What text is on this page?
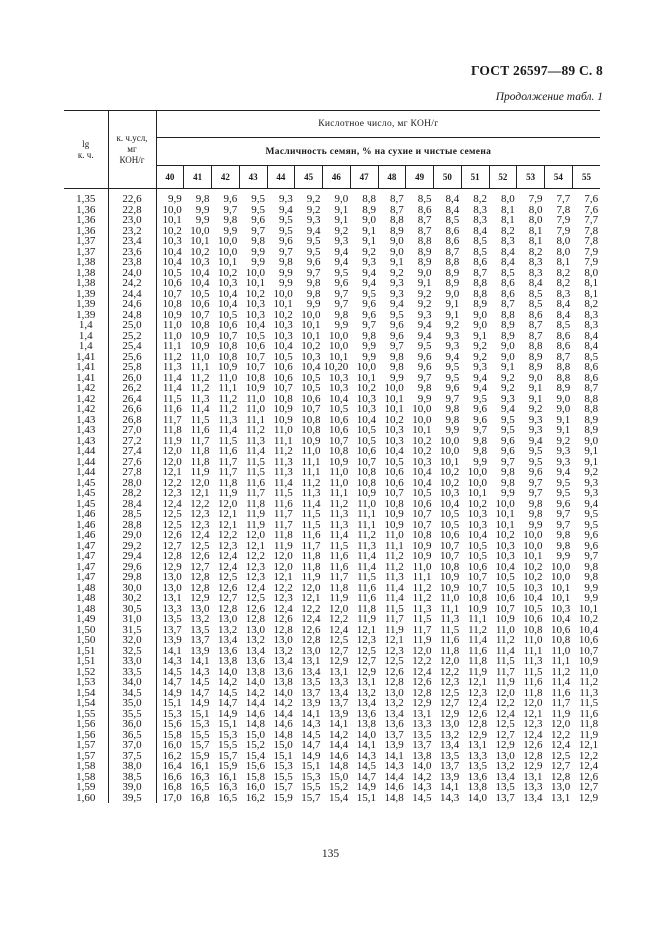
ГОСТ 26597—89 С. 8
Продолжение табл. 1
lg
к. ч.	к. ч.усл,
мг
КОН/г	Кислотное число, мг КОН/г															
		Масличность семян, % на сухие и чистые семена															
		40	41	42	43	44	45	46	47	48	49	50	51	52	53	54	55
1,35	22,6	9,9	9,8	9,6	9,5	9,3	9,2	9,0	8,8	8,7	8,5	8,4	8,2	8,0	7,9	7,7	7,6
1,36	22,8	10,0	9,9	9,7	9,5	9,4	9,2	9,1	8,9	8,7	8,6	8,4	8,3	8,1	8,0	7,8	7,6
1,36	23,0	10,1	9,9	9,8	9,6	9,5	9,3	9,1	9,0	8,8	8,7	8,5	8,3	8,1	8,0	7,9	7,7
1,36	23,2	10,2	10,0	9,9	9,7	9,5	9,4	9,2	9,1	8,9	8,7	8,6	8,4	8,2	8,1	7,9	7,8
1,37	23,4	10,3	10,1	10,0	9,8	9,6	9,5	9,3	9,1	9,0	8,8	8,6	8,5	8,3	8,1	8,0	7,8
1,37	23,6	10,4	10,2	10,0	9,9	9,7	9,5	9,4	9,2	9,0	8,9	8,7	8,5	8,4	8,2	8,0	7,9
1,38	23,8	10,4	10,3	10,1	9,9	9,8	9,6	9,4	9,3	9,1	8,9	8,8	8,6	8,4	8,3	8,1	7,9
1,38	24,0	10,5	10,4	10,2	10,0	9,9	9,7	9,5	9,4	9,2	9,0	8,9	8,7	8,5	8,3	8,2	8,0
1,38	24,2	10,6	10,4	10,3	10,1	9,9	9,8	9,6	9,4	9,3	9,1	8,9	8,8	8,6	8,4	8,2	8,1
1,39	24,4	10,7	10,5	10,4	10,2	10,0	9,8	9,7	9,5	9,3	9,2	9,0	8,8	8,6	8,5	8,3	8,1
1,39	24,6	10,8	10,6	10,4	10,3	10,1	9,9	9,7	9,6	9,4	9,2	9,1	8,9	8,7	8,5	8,4	8,2
1,39	24,8	10,9	10,7	10,5	10,3	10,2	10,0	9,8	9,6	9,5	9,3	9,1	9,0	8,8	8,6	8,4	8,3
1,4	25,0	11,0	10,8	10,6	10,4	10,3	10,1	9,9	9,7	9,6	9,4	9,2	9,0	8,9	8,7	8,5	8,3
1,4	25,2	11,0	10,9	10,7	10,5	10,3	10,1	10,0	9,8	9,6	9,4	9,3	9,1	8,9	8,7	8,6	8,4
1,4	25,4	11,1	10,9	10,8	10,6	10,4	10,2	10,0	9,9	9,7	9,5	9,3	9,2	9,0	8,8	8,6	8,4
1,41	25,6	11,2	11,0	10,8	10,7	10,5	10,3	10,1	9,9	9,8	9,6	9,4	9,2	9,0	8,9	8,7	8,5
1,41	25,8	11,3	11,1	10,9	10,7	10,6	10,4	10,20	10,0	9,8	9,6	9,5	9,3	9,1	8,9	8,8	8,6
1,41	26,0	11,4	11,2	11,0	10,8	10,6	10,5	10,3	10,1	9,9	9,7	9,5	9,4	9,2	9,0	8,8	8,6
1,42	26,2	11,4	11,2	11,1	10,9	10,7	10,5	10,3	10,2	10,0	9,8	9,6	9,4	9,2	9,1	8,9	8,7
1,42	26,4	11,5	11,3	11,2	11,0	10,8	10,6	10,4	10,3	10,1	9,9	9,7	9,5	9,3	9,1	9,0	8,8
1,42	26,6	11,6	11,4	11,2	11,0	10,9	10,7	10,5	10,3	10,1	10,0	9,8	9,6	9,4	9,2	9,0	8,8
1,43	26,8	11,7	11,5	11,3	11,1	10,9	10,8	10,6	10,4	10,2	10,0	9,8	9,6	9,5	9,3	9,1	8,9
1,43	27,0	11,8	11,6	11,4	11,2	11,0	10,8	10,6	10,5	10,3	10,1	9,9	9,7	9,5	9,3	9,1	8,9
1,43	27,2	11,9	11,7	11,5	11,3	11,1	10,9	10,7	10,5	10,3	10,2	10,0	9,8	9,6	9,4	9,2	9,0
1,44	27,4	12,0	11,8	11,6	11,4	11,2	11,0	10,8	10,6	10,4	10,2	10,0	9,8	9,6	9,5	9,3	9,1
1,44	27,6	12,0	11,8	11,7	11,5	11,3	11,1	10,9	10,7	10,5	10,3	10,1	9,9	9,7	9,5	9,3	9,1
1,44	27,8	12,1	11,9	11,7	11,5	11,3	11,1	11,0	10,8	10,6	10,4	10,2	10,0	9,8	9,6	9,4	9,2
1,45	28,0	12,2	12,0	11,8	11,6	11,4	11,2	11,0	10,8	10,6	10,4	10,2	10,0	9,8	9,7	9,5	9,3
1,45	28,2	12,3	12,1	11,9	11,7	11,5	11,3	11,1	10,9	10,7	10,5	10,3	10,1	9,9	9,7	9,5	9,3
1,45	28,4	12,4	12,2	12,0	11,8	11,6	11,4	11,2	11,0	10,8	10,6	10,4	10,2	10,0	9,8	9,6	9,4
1,46	28,5	12,5	12,3	12,1	11,9	11,7	11,5	11,3	11,1	10,9	10,7	10,5	10,3	10,1	9,8	9,7	9,5
1,46	28,8	12,5	12,3	12,1	11,9	11,7	11,5	11,3	11,1	10,9	10,7	10,5	10,3	10,1	9,9	9,7	9,5
1,46	29,0	12,6	12,4	12,2	12,0	11,8	11,6	11,4	11,2	11,0	10,8	10,6	10,4	10,2	10,0	9,8	9,6
1,47	29,2	12,7	12,5	12,3	12,1	11,9	11,7	11,5	11,3	11,1	10,9	10,7	10,5	10,3	10,0	9,8	9,6
1,47	29,4	12,8	12,6	12,4	12,2	12,0	11,8	11,6	11,4	11,2	10,9	10,7	10,5	10,3	10,1	9,9	9,7
1,47	29,6	12,9	12,7	12,4	12,3	12,0	11,8	11,6	11,4	11,2	11,0	10,8	10,6	10,4	10,2	10,0	9,8
1,47	29,8	13,0	12,8	12,5	12,3	12,1	11,9	11,7	11,5	11,3	11,1	10,9	10,7	10,5	10,2	10,0	9,8
1,48	30,0	13,0	12,8	12,6	12,4	12,2	12,0	11,8	11,6	11,4	11,2	10,9	10,7	10,5	10,3	10,1	9,9
1,48	30,2	13,1	12,9	12,7	12,5	12,3	12,1	11,9	11,6	11,4	11,2	11,0	10,8	10,6	10,4	10,1	9,9
1,48	30,5	13,3	13,0	12,8	12,6	12,4	12,2	12,0	11,8	11,5	11,3	11,1	10,9	10,7	10,5	10,3	10,1
1,49	31,0	13,5	13,2	13,0	12,8	12,6	12,4	12,2	11,9	11,7	11,5	11,3	11,1	10,9	10,6	10,4	10,2
1,50	31,5	13,7	13,5	13,2	13,0	12,8	12,6	12,4	12,1	11,9	11,7	11,5	11,2	11,0	10,8	10,6	10,4
1,50	32,0	13,9	13,7	13,4	13,2	13,0	12,8	12,5	12,3	12,1	11,9	11,6	11,4	11,2	11,0	10,8	10,6
1,51	32,5	14,1	13,9	13,6	13,4	13,2	13,0	12,7	12,5	12,3	12,0	11,8	11,6	11,4	11,1	11,0	10,7
1,51	33,0	14,3	14,1	13,8	13,6	13,4	13,1	12,9	12,7	12,5	12,2	12,0	11,8	11,5	11,3	11,1	10,9
1,52	33,5	14,5	14,3	14,0	13,8	13,6	13,4	13,1	12,9	12,6	12,4	12,2	11,9	11,7	11,5	11,2	11,0
1,53	34,0	14,7	14,5	14,2	14,0	13,8	13,5	13,3	13,1	12,8	12,6	12,3	12,1	11,9	11,6	11,4	11,2
1,54	34,5	14,9	14,7	14,5	14,2	14,0	13,7	13,4	13,2	13,0	12,8	12,5	12,3	12,0	11,8	11,6	11,3
1,54	35,0	15,1	14,9	14,7	14,4	14,2	13,9	13,7	13,4	13,2	12,9	12,7	12,4	12,2	12,0	11,7	11,5
1,55	35,5	15,3	15,1	14,9	14,6	14,4	14,1	13,9	13,6	13,4	13,1	12,9	12,6	12,4	12,1	11,9	11,6
1,56	36,0	15,6	15,3	15,1	14,8	14,6	14,3	14,1	13,8	13,6	13,3	13,0	12,8	12,5	12,3	12,0	11,8
1,56	36,5	15,8	15,5	15,3	15,0	14,8	14,5	14,2	14,0	13,7	13,5	13,2	12,9	12,7	12,4	12,2	11,9
1,57	37,0	16,0	15,7	15,5	15,2	15,0	14,7	14,4	14,1	13,9	13,7	13,4	13,1	12,9	12,6	12,4	12,1
1,57	37,5	16,2	15,9	15,7	15,4	15,1	14,9	14,6	14,3	14,1	13,8	13,5	13,3	13,0	12,8	12,5	12,2
1,58	38,0	16,4	16,1	15,9	15,6	15,3	15,1	14,8	14,5	14,3	14,0	13,7	13,5	13,2	12,9	12,7	12,4
1,58	38,5	16,6	16,3	16,1	15,8	15,5	15,3	15,0	14,7	14,4	14,2	13,9	13,6	13,4	13,1	12,8	12,6
1,59	39,0	16,8	16,5	16,3	16,0	15,7	15,5	15,2	14,9	14,6	14,3	14,1	13,8	13,5	13,3	13,0	12,7
1,60	39,5	17,0	16,8	16,5	16,2	15,9	15,7	15,4	15,1	14,8	14,5	14,3	14,0	13,7	13,4	13,1	12,9
135
